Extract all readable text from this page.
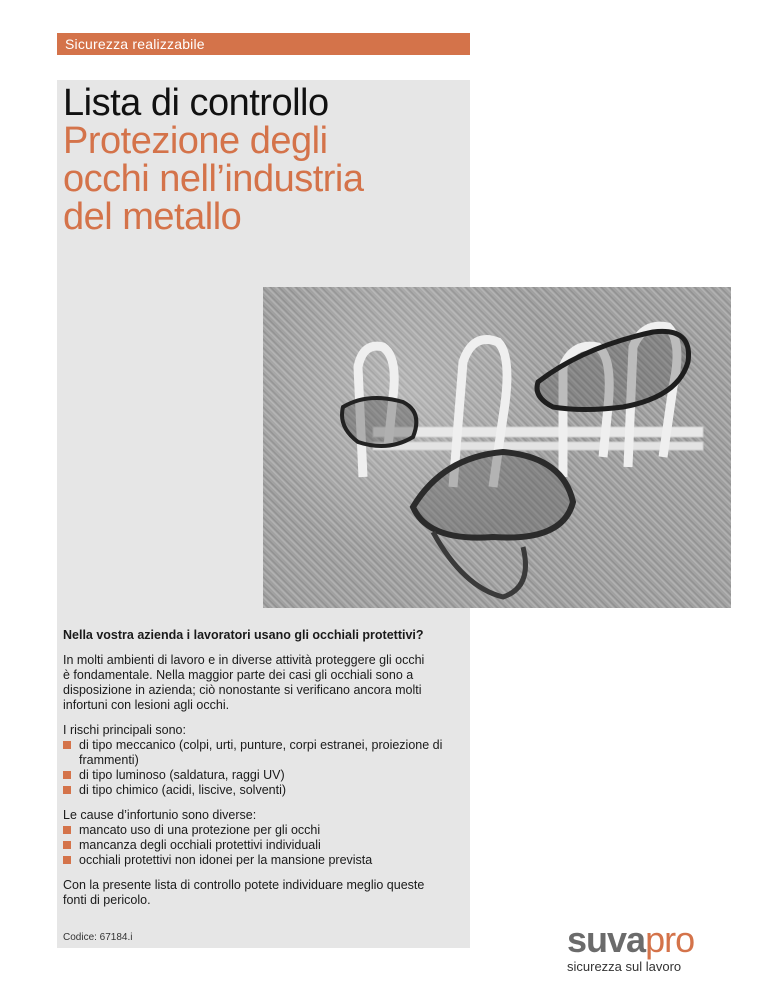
Sicurezza realizzabile
Lista di controllo
Protezione degli
occhi nell’industria
del metallo

Nella vostra azienda i lavoratori usano gli occhiali protettivi?

In molti ambienti di lavoro e in diverse attività proteggere gli occhi
è fondamentale. Nella maggior parte dei casi gli occhiali sono a
disposizione in azienda; ciò nonostante si verificano ancora molti
infortuni con lesioni agli occhi.

I rischi principali sono:

di tipo meccanico (colpi, urti, punture, corpi estranei, proiezione di frammenti)
di tipo luminoso (saldatura, raggi UV)
di tipo chimico (acidi, liscive, solventi)

Le cause d’infortunio sono diverse:

mancato uso di una protezione per gli occhi
mancanza degli occhiali protettivi individuali
occhiali protettivi non idonei per la mansione prevista

Con la presente lista di controllo potete individuare meglio queste
fonti di pericolo.

Codice: 67184.i	suvapro
sicurezza sul lavoro
